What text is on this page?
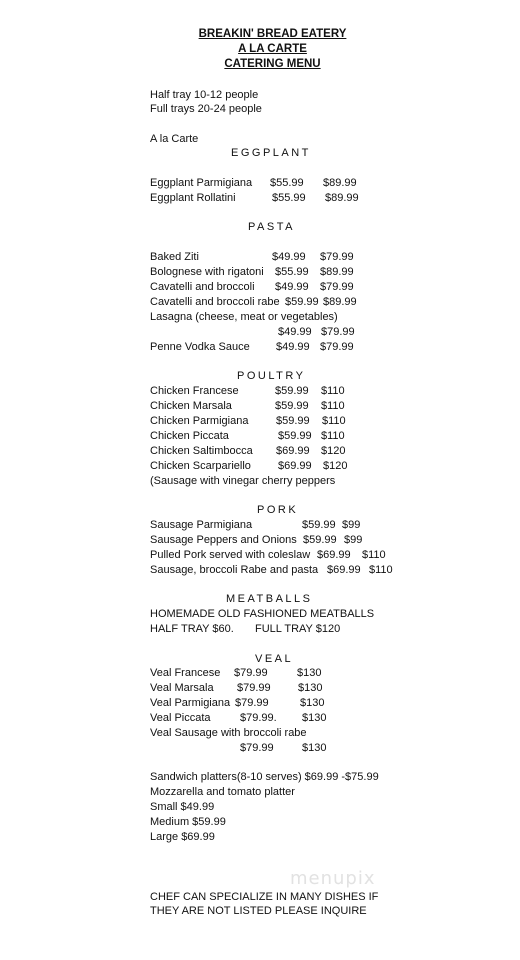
BREAKIN' BREAD EATERY
A LA CARTE
CATERING MENU
Half tray 10-12 people
Full trays 20-24 people
A la Carte
EGGPLANT
Eggplant Parmigiana $55.99 $89.99
Eggplant Rollatini	$55.99 $89.99
PASTA
Baked Ziti	$49.99 $79.99
Bolognese with rigatoni $55.99 $89.99
Cavatelli and broccoli $49.99 $79.99
Cavatelli and broccoli rabe $59.99 $89.99
Lasagna (cheese, meat or vegetables)
$49.99 $79.99
Penne Vodka Sauce $49.99 $79.99
POULTRY
Chicken Francese	$59.99 $110
Chicken Marsala	$59.99 $110
Chicken Parmigiana	$59.99 $110
Chicken Piccata	$59.99 $110
Chicken Saltimbocca $69.99 $120
Chicken Scarpariello $69.99 $120
(Sausage with vinegar cherry peppers
PORK
Sausage Parmigiana	$59.99 $99
Sausage Peppers and Onions $59.99 $99
Pulled Pork served with coleslaw $69.99 $110
Sausage, broccoli Rabe and pasta $69.99 $110
MEATBALLS
HOMEMADE OLD FASHIONED MEATBALLS
HALF TRAY $60. FULL TRAY $120
VEAL
Veal Francese $79.99	$130
Veal Marsala $79.99 $130
Veal Parmigiana $79.99	$130
Veal Piccata	$79.99. $130
Veal Sausage with broccoli rabe
$79.99	$130
Sandwich platters(8-10 serves) $69.99 -$75.99
Mozzarella and tomato platter
Small $49.99
Medium $59.99
Large $69.99
menupix
CHEF CAN SPECIALIZE IN MANY DISHES IF
THEY ARE NOT LISTED PLEASE INQUIRE
